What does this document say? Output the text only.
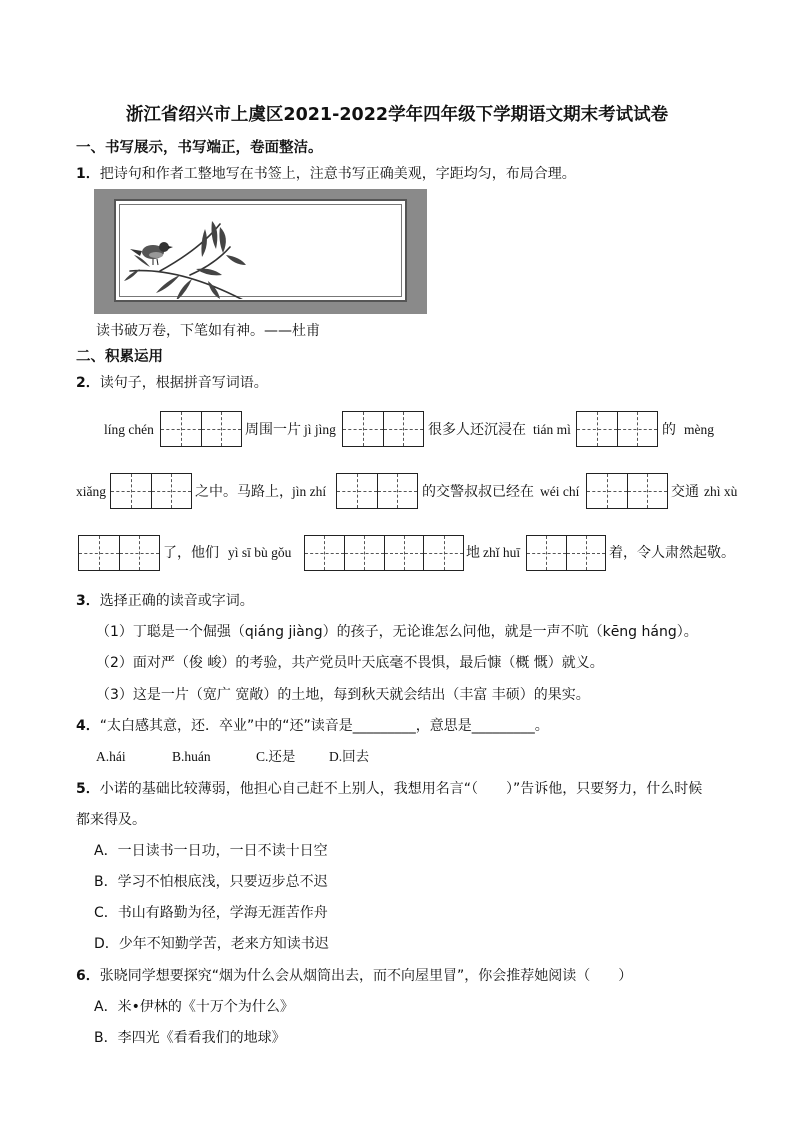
浙江省绍兴市上虞区2021-2022学年四年级下学期语文期末考试试卷
一、书写展示，书写端正，卷面整洁。
1．把诗句和作者工整地写在书签上，注意书写正确美观，字距均匀，布局合理。
读书破万卷，下笔如有神。——杜甫
二、积累运用
2．读句子，根据拼音写词语。
líng chén	周围一片 jì jìng	很多人还沉浸在 tián mì	的 mèng
xiǎng	之中。马路上， jìn zhí	的交警叔叔已经在 wéi chí	交通 zhì xù
了，他们 yì sī bù gǒu	地 zhǐ huī	着，令人肃然起敬。
3．选择正确的读音或字词。
（1）丁聪是一个倔强（qiáng jiàng）的孩子，无论谁怎么问他，就是一声不吭（kēng háng）。
（2）面对严（俊 峻）的考验，共产党员叶天底毫不畏惧，最后慷（概 慨）就义。
（3）这是一片（宽广 宽敞）的土地，每到秋天就会结出（丰富 丰硕）的果实。
4．“太白感其意，还．卒业”中的“还”读音是_________，意思是_________。
A.hái	B.huán	C.还是 D.回去
5．小诺的基础比较薄弱，他担心自己赶不上别人，我想用名言“（　　）”告诉他，只要努力，什么时候
都来得及。
A．一日读书一日功，一日不读十日空
B．学习不怕根底浅，只要迈步总不迟
C．书山有路勤为径，学海无涯苦作舟
D．少年不知勤学苦，老来方知读书迟
6．张晓同学想要探究“烟为什么会从烟筒出去，而不向屋里冒”，你会推荐她阅读（　　）
A．米•伊林的《十万个为什么》
B．李四光《看看我们的地球》
